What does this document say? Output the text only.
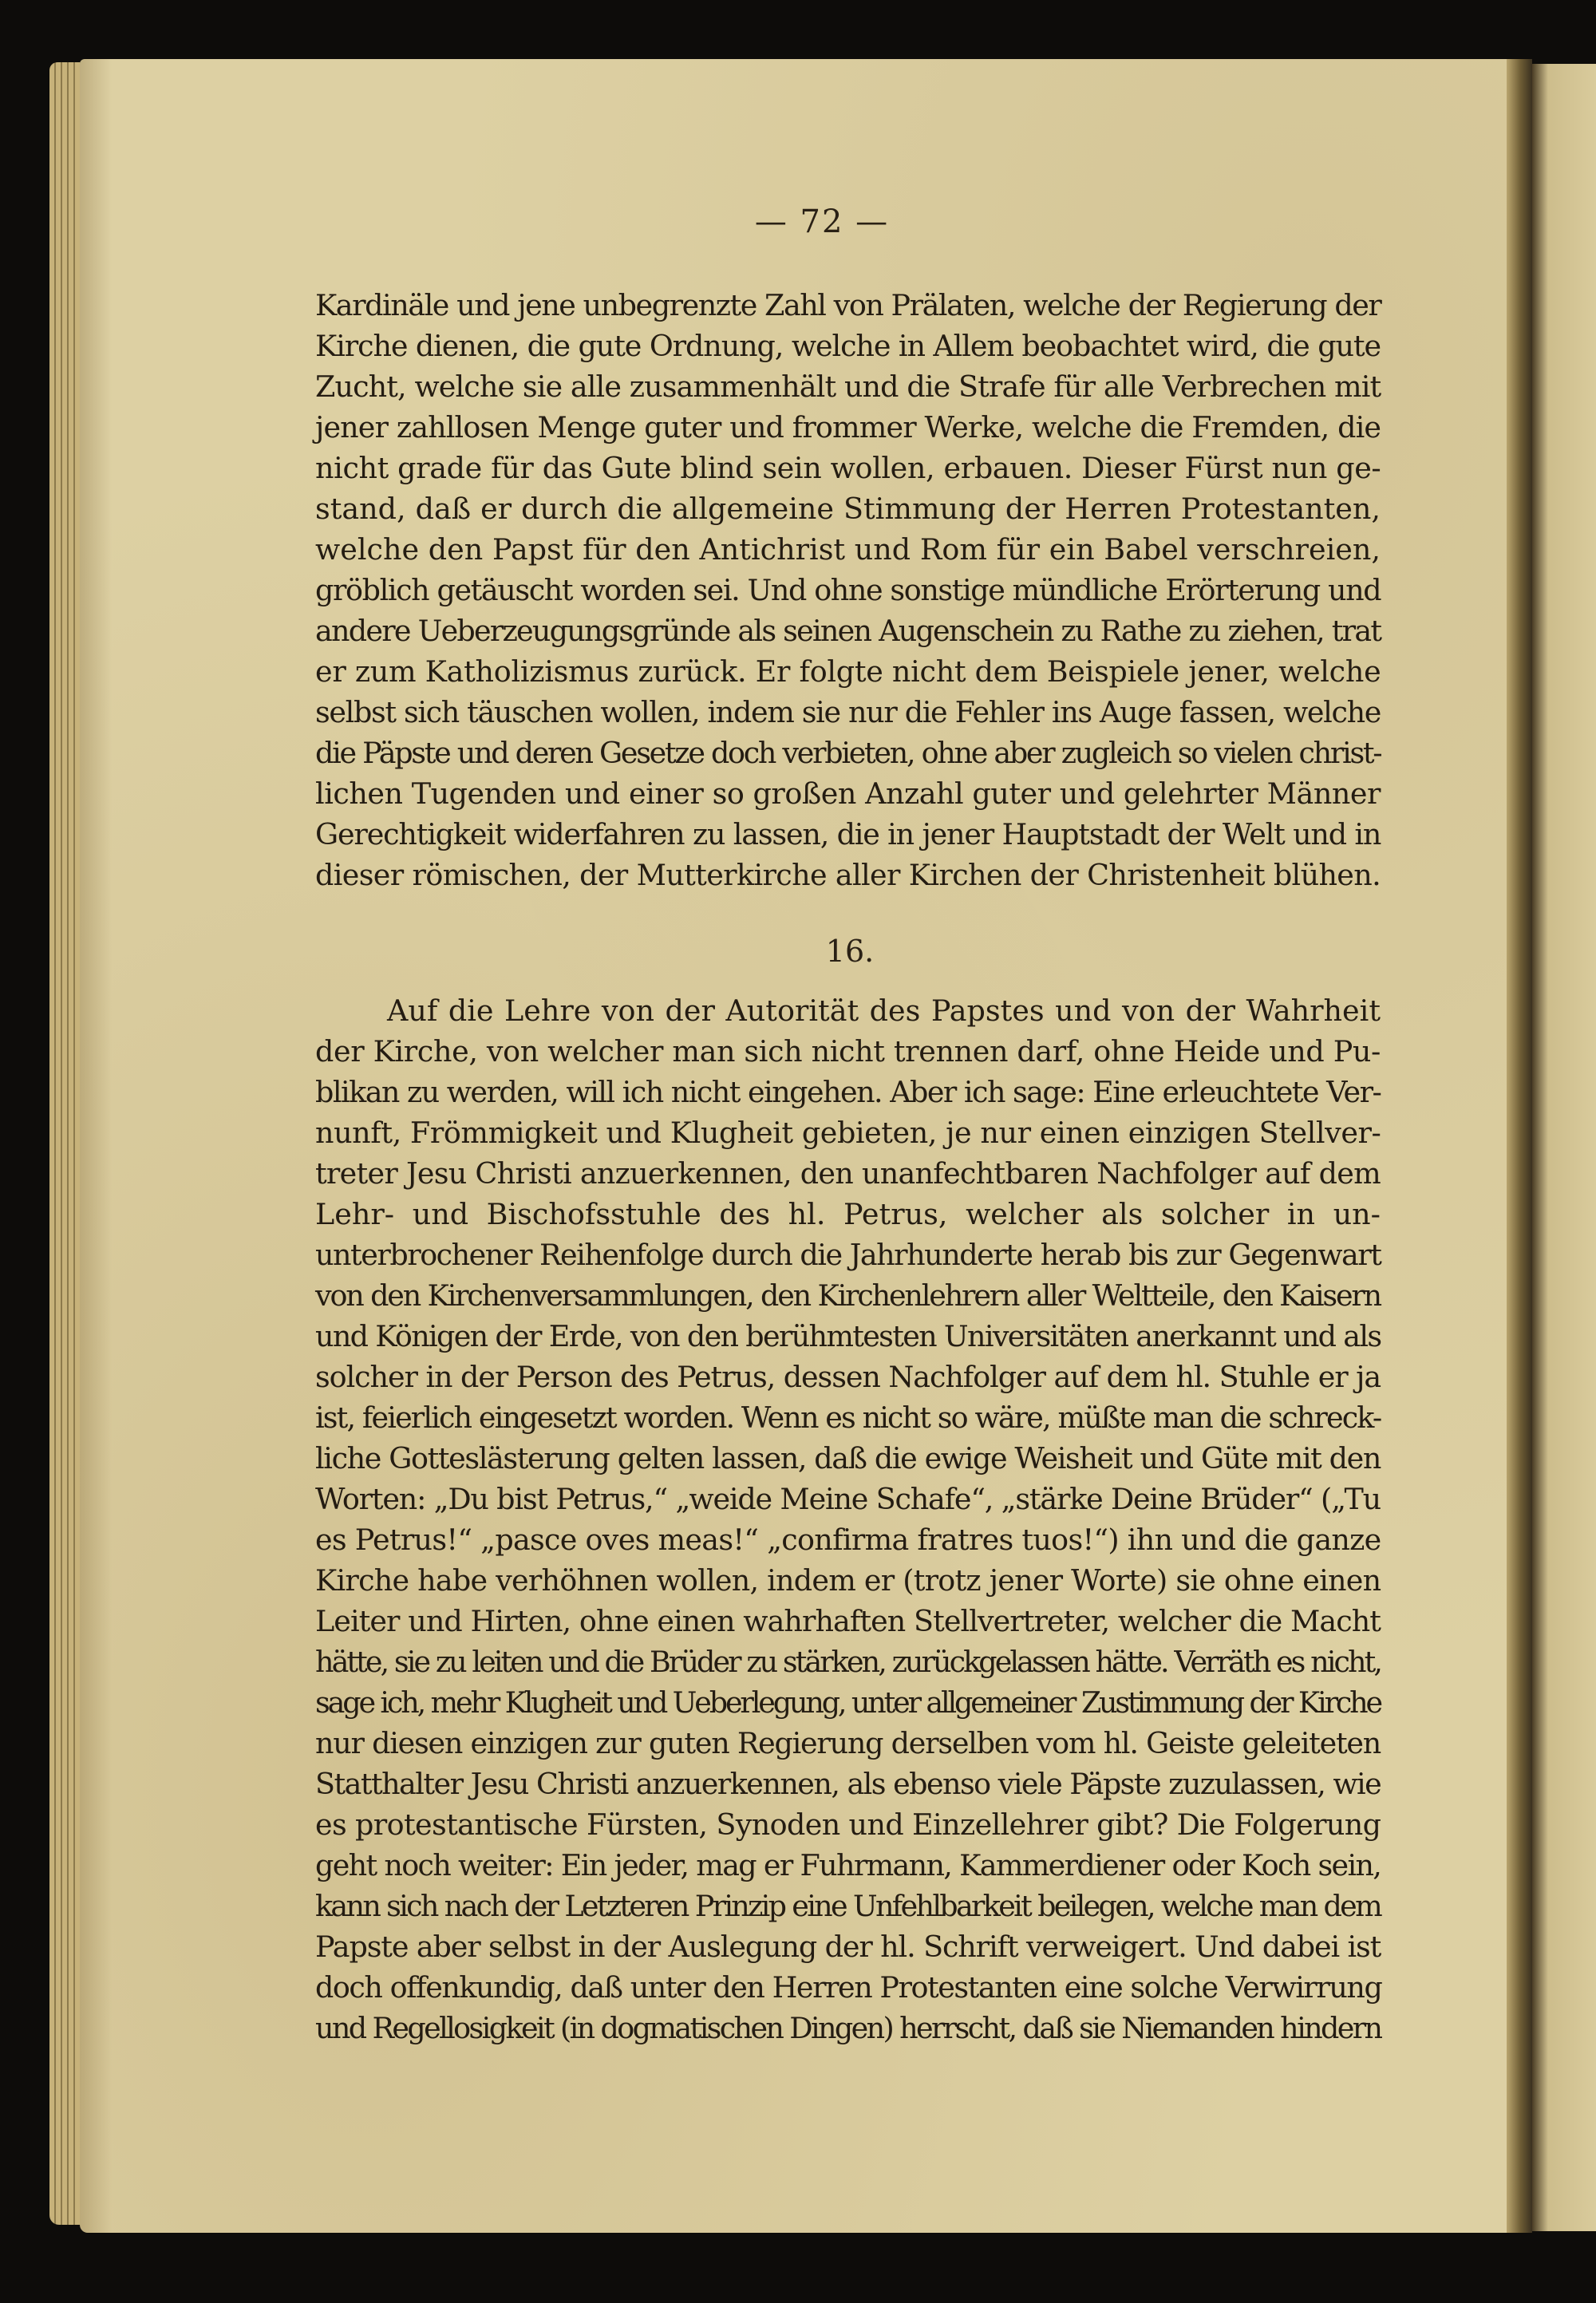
— 72 —
Kardinäle und jene unbegrenzte Zahl von Prälaten, welche der Regierung der
Kirche dienen, die gute Ordnung, welche in Allem beobachtet wird, die gute
Zucht, welche sie alle zusammenhält und die Strafe für alle Verbrechen mit
jener zahllosen Menge guter und frommer Werke, welche die Fremden, die
nicht grade für das Gute blind sein wollen, erbauen. Dieser Fürst nun ge-
stand, daß er durch die allgemeine Stimmung der Herren Protestanten,
welche den Papst für den Antichrist und Rom für ein Babel verschreien,
gröblich getäuscht worden sei. Und ohne sonstige mündliche Erörterung und
andere Ueberzeugungsgründe als seinen Augenschein zu Rathe zu ziehen, trat
er zum Katholizismus zurück. Er folgte nicht dem Beispiele jener, welche
selbst sich täuschen wollen, indem sie nur die Fehler ins Auge fassen, welche
die Päpste und deren Gesetze doch verbieten, ohne aber zugleich so vielen christ-
lichen Tugenden und einer so großen Anzahl guter und gelehrter Männer
Gerechtigkeit widerfahren zu lassen, die in jener Hauptstadt der Welt und in
dieser römischen, der Mutterkirche aller Kirchen der Christenheit blühen.
16.
Auf die Lehre von der Autorität des Papstes und von der Wahrheit
der Kirche, von welcher man sich nicht trennen darf, ohne Heide und Pu-
blikan zu werden, will ich nicht eingehen. Aber ich sage: Eine erleuchtete Ver-
nunft, Frömmigkeit und Klugheit gebieten, je nur einen einzigen Stellver-
treter Jesu Christi anzuerkennen, den unanfechtbaren Nachfolger auf dem
Lehr- und Bischofsstuhle des hl. Petrus, welcher als solcher in un-
unterbrochener Reihenfolge durch die Jahrhunderte herab bis zur Gegenwart
von den Kirchenversammlungen, den Kirchenlehrern aller Weltteile, den Kaisern
und Königen der Erde, von den berühmtesten Universitäten anerkannt und als
solcher in der Person des Petrus, dessen Nachfolger auf dem hl. Stuhle er ja
ist, feierlich eingesetzt worden. Wenn es nicht so wäre, müßte man die schreck-
liche Gotteslästerung gelten lassen, daß die ewige Weisheit und Güte mit den
Worten: „Du bist Petrus,“ „weide Meine Schafe“, „stärke Deine Brüder“ („Tu
es Petrus!“ „pasce oves meas!“ „confirma fratres tuos!“) ihn und die ganze
Kirche habe verhöhnen wollen, indem er (trotz jener Worte) sie ohne einen
Leiter und Hirten, ohne einen wahrhaften Stellvertreter, welcher die Macht
hätte, sie zu leiten und die Brüder zu stärken, zurückgelassen hätte. Verräth es nicht,
sage ich, mehr Klugheit und Ueberlegung, unter allgemeiner Zustimmung der Kirche
nur diesen einzigen zur guten Regierung derselben vom hl. Geiste geleiteten
Statthalter Jesu Christi anzuerkennen, als ebenso viele Päpste zuzulassen, wie
es protestantische Fürsten, Synoden und Einzellehrer gibt? Die Folgerung
geht noch weiter: Ein jeder, mag er Fuhrmann, Kammerdiener oder Koch sein,
kann sich nach der Letzteren Prinzip eine Unfehlbarkeit beilegen, welche man dem
Papste aber selbst in der Auslegung der hl. Schrift verweigert. Und dabei ist
doch offenkundig, daß unter den Herren Protestanten eine solche Verwirrung
und Regellosigkeit (in dogmatischen Dingen) herrscht, daß sie Niemanden hindern
